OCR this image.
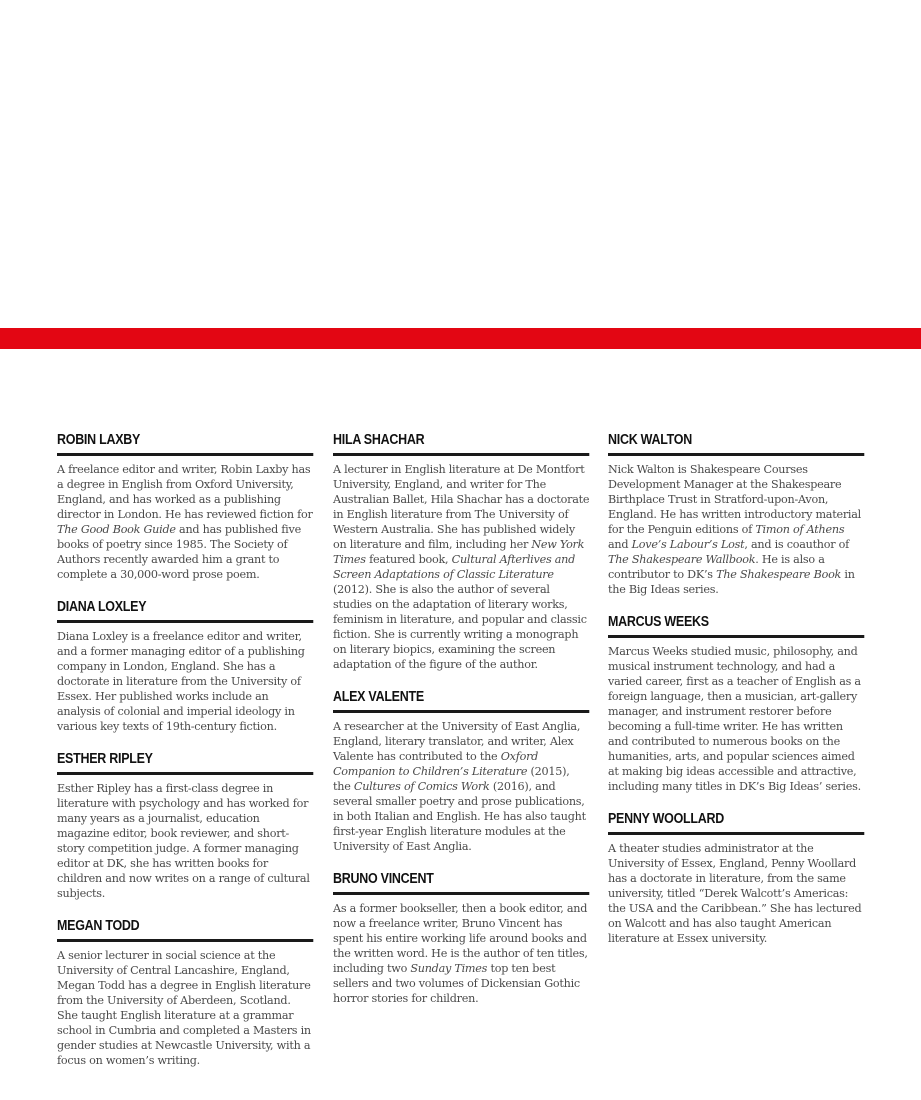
ROBIN LAXBY
A freelance editor and writer, Robin Laxby has a degree in English from Oxford University, England, and has worked as a publishing director in London. He has reviewed fiction for The Good Book Guide and has published five books of poetry since 1985. The Society of Authors recently awarded him a grant to complete a 30,000-word prose poem.
DIANA LOXLEY
Diana Loxley is a freelance editor and writer, and a former managing editor of a publishing company in London, England. She has a doctorate in literature from the University of Essex. Her published works include an analysis of colonial and imperial ideology in various key texts of 19th-century fiction.
ESTHER RIPLEY
Esther Ripley has a first-class degree in literature with psychology and has worked for many years as a journalist, education magazine editor, book reviewer, and short-story competition judge. A former managing editor at DK, she has written books for children and now writes on a range of cultural subjects.
MEGAN TODD
A senior lecturer in social science at the University of Central Lancashire, England, Megan Todd has a degree in English literature from the University of Aberdeen, Scotland. She taught English literature at a grammar school in Cumbria and completed a Masters in gender studies at Newcastle University, with a focus on women’s writing.
HILA SHACHAR
A lecturer in English literature at De Montfort University, England, and writer for The Australian Ballet, Hila Shachar has a doctorate in English literature from The University of Western Australia. She has published widely on literature and film, including her New York Times featured book, Cultural Afterlives and Screen Adaptations of Classic Literature (2012). She is also the author of several studies on the adaptation of literary works, feminism in literature, and popular and classic fiction. She is currently writing a monograph on literary biopics, examining the screen adaptation of the figure of the author.
ALEX VALENTE
A researcher at the University of East Anglia, England, literary translator, and writer, Alex Valente has contributed to the Oxford Companion to Children’s Literature (2015), the Cultures of Comics Work (2016), and several smaller poetry and prose publications, in both Italian and English. He has also taught first-year English literature modules at the University of East Anglia.
BRUNO VINCENT
As a former bookseller, then a book editor, and now a freelance writer, Bruno Vincent has spent his entire working life around books and the written word. He is the author of ten titles, including two Sunday Times top ten best sellers and two volumes of Dickensian Gothic horror stories for children.
NICK WALTON
Nick Walton is Shakespeare Courses Development Manager at the Shakespeare Birthplace Trust in Stratford-upon-Avon, England. He has written introductory material for the Penguin editions of Timon of Athens and Love’s Labour’s Lost, and is coauthor of The Shakespeare Wallbook. He is also a contributor to DK’s The Shakespeare Book in the Big Ideas series.
MARCUS WEEKS
Marcus Weeks studied music, philosophy, and musical instrument technology, and had a varied career, first as a teacher of English as a foreign language, then a musician, art-gallery manager, and instrument restorer before becoming a full-time writer. He has written and contributed to numerous books on the humanities, arts, and popular sciences aimed at making big ideas accessible and attractive, including many titles in DK’s Big Ideas’ series.
PENNY WOOLLARD
A theater studies administrator at the University of Essex, England, Penny Woollard has a doctorate in literature, from the same university, titled “Derek Walcott’s Americas: the USA and the Caribbean.” She has lectured on Walcott and has also taught American literature at Essex university.
